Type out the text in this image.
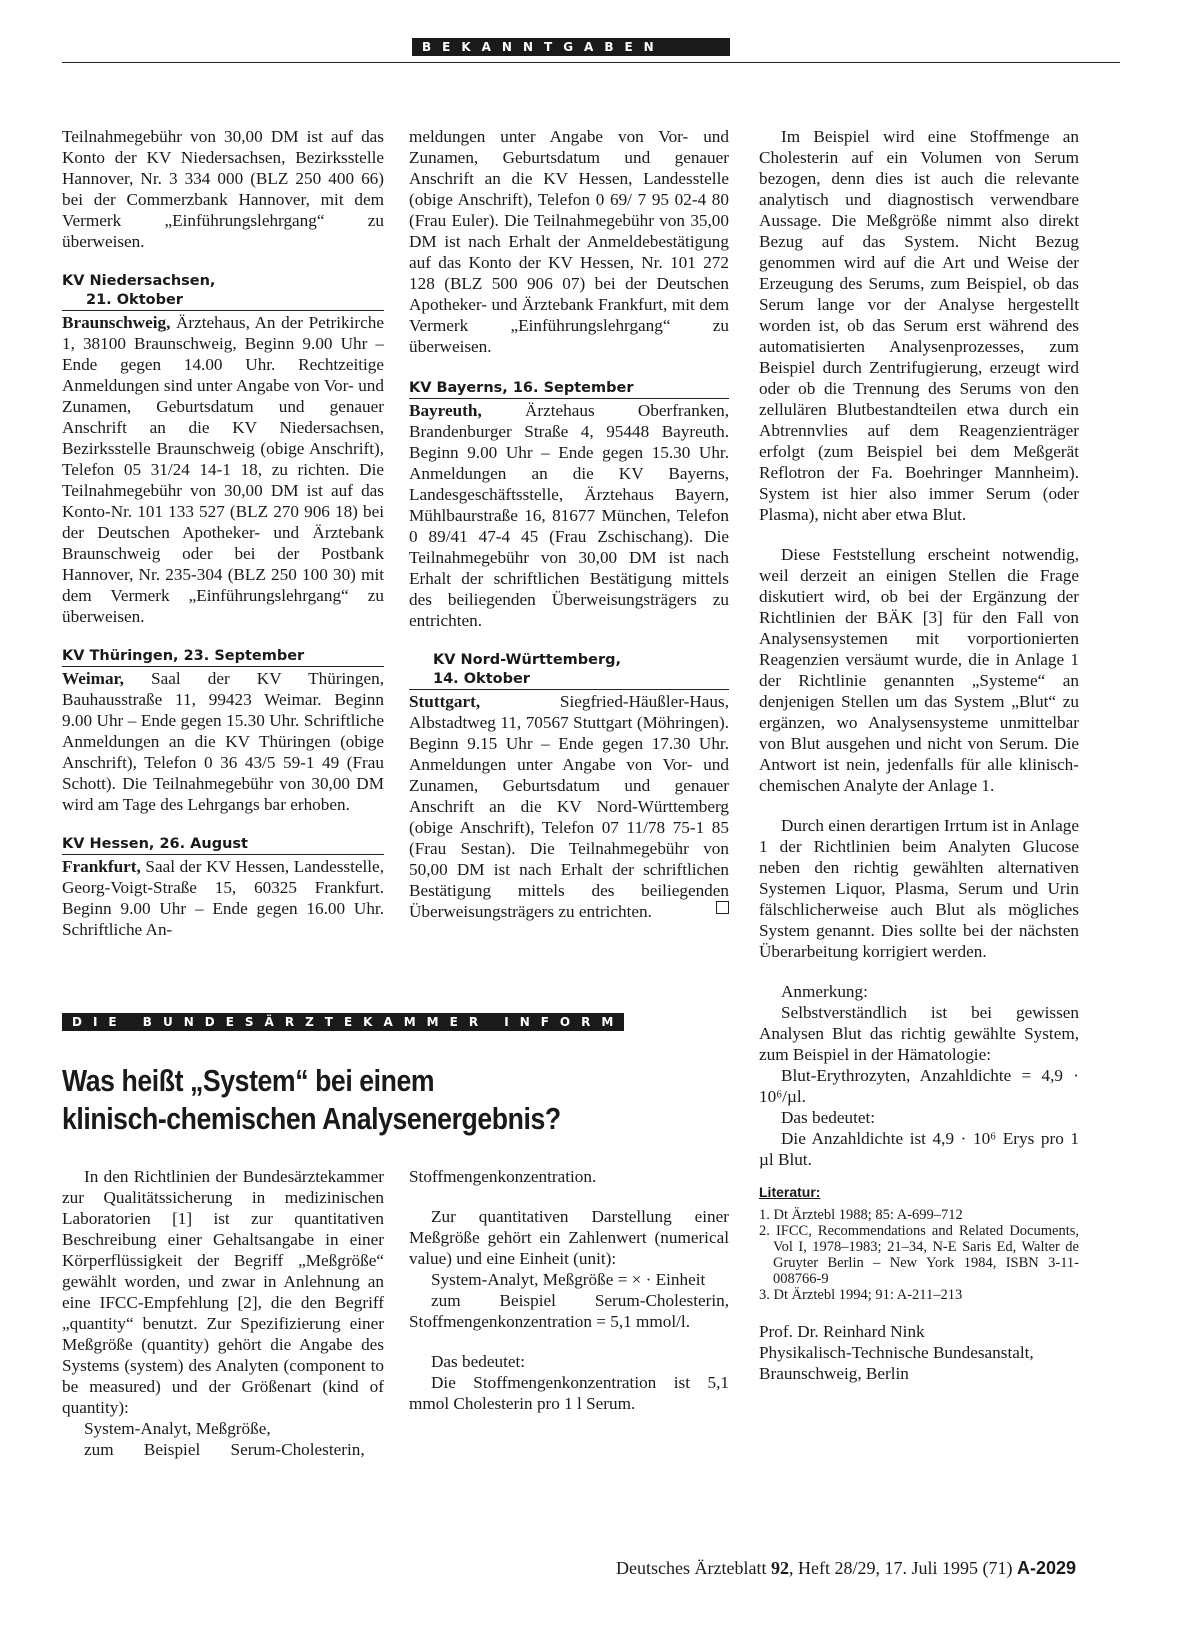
BEKANNTGABEN

Teilnahmegebühr von 30,00 DM ist auf das Konto der KV Niedersachsen, Bezirksstelle Hannover, Nr. 3 334 000 (BLZ 250 400 66) bei der Commerzbank Hannover, mit dem Vermerk „Einführungslehrgang“ zu überweisen.

KV Niedersachsen,
21. Oktober

Braunschweig, Ärztehaus, An der Petrikirche 1, 38100 Braunschweig, Beginn 9.00 Uhr – Ende gegen 14.00 Uhr. Rechtzeitige Anmeldungen sind unter Angabe von Vor- und Zunamen, Geburtsdatum und genauer Anschrift an die KV Niedersachsen, Bezirksstelle Braunschweig (obige Anschrift), Telefon 05 31/24 14-1 18, zu richten. Die Teilnahmegebühr von 30,00 DM ist auf das Konto-Nr. 101 133 527 (BLZ 270 906 18) bei der Deutschen Apotheker- und Ärztebank Braunschweig oder bei der Postbank Hannover, Nr. 235-304 (BLZ 250 100 30) mit dem Vermerk „Einführungslehrgang“ zu überweisen.

KV Thüringen, 23. September

Weimar, Saal der KV Thüringen, Bauhausstraße 11, 99423 Weimar. Beginn 9.00 Uhr – Ende gegen 15.30 Uhr. Schriftliche Anmeldungen an die KV Thüringen (obige Anschrift), Telefon 0 36 43/5 59-1 49 (Frau Schott). Die Teilnahmegebühr von 30,00 DM wird am Tage des Lehrgangs bar erhoben.

KV Hessen, 26. August

Frankfurt, Saal der KV Hessen, Landesstelle, Georg-Voigt-Straße 15, 60325 Frankfurt. Beginn 9.00 Uhr – Ende gegen 16.00 Uhr. Schriftliche An-

meldungen unter Angabe von Vor- und Zunamen, Geburtsdatum und genauer Anschrift an die KV Hessen, Landesstelle (obige Anschrift), Telefon 0 69/ 7 95 02-4 80 (Frau Euler). Die Teilnahmegebühr von 35,00 DM ist nach Erhalt der Anmeldebestätigung auf das Konto der KV Hessen, Nr. 101 272 128 (BLZ 500 906 07) bei der Deutschen Apotheker- und Ärztebank Frankfurt, mit dem Vermerk „Einführungslehrgang“ zu überweisen.

KV Bayerns, 16. September

Bayreuth, Ärztehaus Oberfranken, Brandenburger Straße 4, 95448 Bayreuth. Beginn 9.00 Uhr – Ende gegen 15.30 Uhr. Anmeldungen an die KV Bayerns, Landesgeschäftsstelle, Ärztehaus Bayern, Mühlbaurstraße 16, 81677 München, Telefon 0 89/41 47-4 45 (Frau Zschischang). Die Teilnahmegebühr von 30,00 DM ist nach Erhalt der schriftlichen Bestätigung mittels des beiliegenden Überweisungsträgers zu entrichten.

KV Nord-Württemberg,
14. Oktober

Stuttgart, Siegfried-Häußler-Haus, Albstadtweg 11, 70567 Stuttgart (Möhringen). Beginn 9.15 Uhr – Ende gegen 17.30 Uhr. Anmeldungen unter Angabe von Vor- und Zunamen, Geburtsdatum und genauer Anschrift an die KV Nord-Württemberg (obige Anschrift), Telefon 07 11/78 75-1 85 (Frau Sestan). Die Teilnahmegebühr von 50,00 DM ist nach Erhalt der schriftlichen Bestätigung mittels des beiliegenden Überweisungsträgers zu entrichten.

Im Beispiel wird eine Stoffmenge an Cholesterin auf ein Volumen von Serum bezogen, denn dies ist auch die relevante analytisch und diagnostisch verwendbare Aussage. Die Meßgröße nimmt also direkt Bezug auf das System. Nicht Bezug genommen wird auf die Art und Weise der Erzeugung des Serums, zum Beispiel, ob das Serum lange vor der Analyse hergestellt worden ist, ob das Serum erst während des automatisierten Analysenprozesses, zum Beispiel durch Zentrifugierung, erzeugt wird oder ob die Trennung des Serums von den zellulären Blutbestandteilen etwa durch ein Abtrennvlies auf dem Reagenzienträger erfolgt (zum Beispiel bei dem Meßgerät Reflotron der Fa. Boehringer Mannheim). System ist hier also immer Serum (oder Plasma), nicht aber etwa Blut.

Diese Feststellung erscheint notwendig, weil derzeit an einigen Stellen die Frage diskutiert wird, ob bei der Ergänzung der Richtlinien der BÄK [3] für den Fall von Analysensystemen mit vorportionierten Reagenzien versäumt wurde, die in Anlage 1 der Richtlinie genannten „Systeme“ an denjenigen Stellen um das System „Blut“ zu ergänzen, wo Analysensysteme unmittelbar von Blut ausgehen und nicht von Serum. Die Antwort ist nein, jedenfalls für alle klinisch-chemischen Analyte der Anlage 1.

Durch einen derartigen Irrtum ist in Anlage 1 der Richtlinien beim Analyten Glucose neben den richtig gewählten alternativen Systemen Liquor, Plasma, Serum und Urin fälschlicherweise auch Blut als mögliches System genannt. Dies sollte bei der nächsten Überarbeitung korrigiert werden.

Anmerkung:

Selbstverständlich ist bei gewissen Analysen Blut das richtig gewählte System, zum Beispiel in der Hämatologie:

Blut-Erythrozyten, Anzahldichte = 4,9 · 10⁶/µl.

Das bedeutet:

Die Anzahldichte ist 4,9 · 10⁶ Erys pro 1 µl Blut.

Literatur:
1. Dt Ärztebl 1988; 85: A-699–712
2. IFCC, Recommendations and Related Documents, Vol I, 1978–1983; 21–34, N-E Saris Ed, Walter de Gruyter Berlin – New York 1984, ISBN 3-11-008766-9
3. Dt Ärztebl 1994; 91: A-211–213
Prof. Dr. Reinhard Nink
Physikalisch-Technische Bundesanstalt,
Braunschweig, Berlin
DIE BUNDESÄRZTEKAMMER INFORMIERT
Was heißt „System“ bei einem
klinisch-chemischen Analysenergebnis?

In den Richtlinien der Bundesärztekammer zur Qualitätssicherung in medizinischen Laboratorien [1] ist zur quantitativen Beschreibung einer Gehaltsangabe in einer Körperflüssigkeit der Begriff „Meßgröße“ gewählt worden, und zwar in Anlehnung an eine IFCC-Empfehlung [2], die den Begriff „quantity“ benutzt. Zur Spezifizierung einer Meßgröße (quantity) gehört die Angabe des Systems (system) des Analyten (component to be measured) und der Größenart (kind of quantity):

System-Analyt, Meßgröße,

zum Beispiel Serum-Cholesterin,

Stoffmengenkonzentration.

Zur quantitativen Darstellung einer Meßgröße gehört ein Zahlenwert (numerical value) und eine Einheit (unit):

System-Analyt, Meßgröße = × · Einheit

zum Beispiel Serum-Cholesterin, Stoffmengenkonzentration = 5,1 mmol/l.

Das bedeutet:

Die Stoffmengenkonzentration ist 5,1 mmol Cholesterin pro 1 l Serum.

Deutsches Ärzteblatt 92, Heft 28/29, 17. Juli 1995 (71) A-2029
